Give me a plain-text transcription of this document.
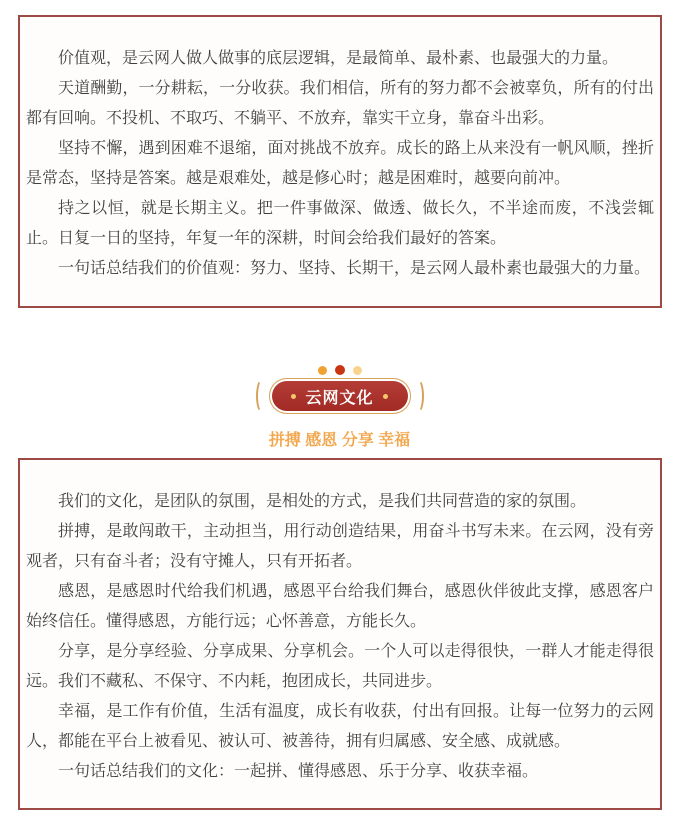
价值观，是云网人做人做事的底层逻辑，是最简单、最朴素、也最强大的力量。

天道酬勤，一分耕耘，一分收获。我们相信，所有的努力都不会被辜负，所有的付出都有回响。不投机、不取巧、不躺平、不放弃，靠实干立身，靠奋斗出彩。

坚持不懈，遇到困难不退缩，面对挑战不放弃。成长的路上从来没有一帆风顺，挫折是常态，坚持是答案。越是艰难处，越是修心时；越是困难时，越要向前冲。

持之以恒，就是长期主义。把一件事做深、做透、做长久，不半途而废，不浅尝辄止。日复一日的坚持，年复一年的深耕，时间会给我们最好的答案。

一句话总结我们的价值观：努力、坚持、长期干，是云网人最朴素也最强大的力量。

云网文化
拼搏 感恩 分享 幸福

我们的文化，是团队的氛围，是相处的方式，是我们共同营造的家的氛围。

拼搏，是敢闯敢干，主动担当，用行动创造结果，用奋斗书写未来。在云网，没有旁观者，只有奋斗者；没有守摊人，只有开拓者。

感恩，是感恩时代给我们机遇，感恩平台给我们舞台，感恩伙伴彼此支撑，感恩客户始终信任。懂得感恩，方能行远；心怀善意，方能长久。

分享，是分享经验、分享成果、分享机会。一个人可以走得很快，一群人才能走得很远。我们不藏私、不保守、不内耗，抱团成长，共同进步。

幸福，是工作有价值，生活有温度，成长有收获，付出有回报。让每一位努力的云网人，都能在平台上被看见、被认可、被善待，拥有归属感、安全感、成就感。

一句话总结我们的文化：一起拼、懂得感恩、乐于分享、收获幸福。
